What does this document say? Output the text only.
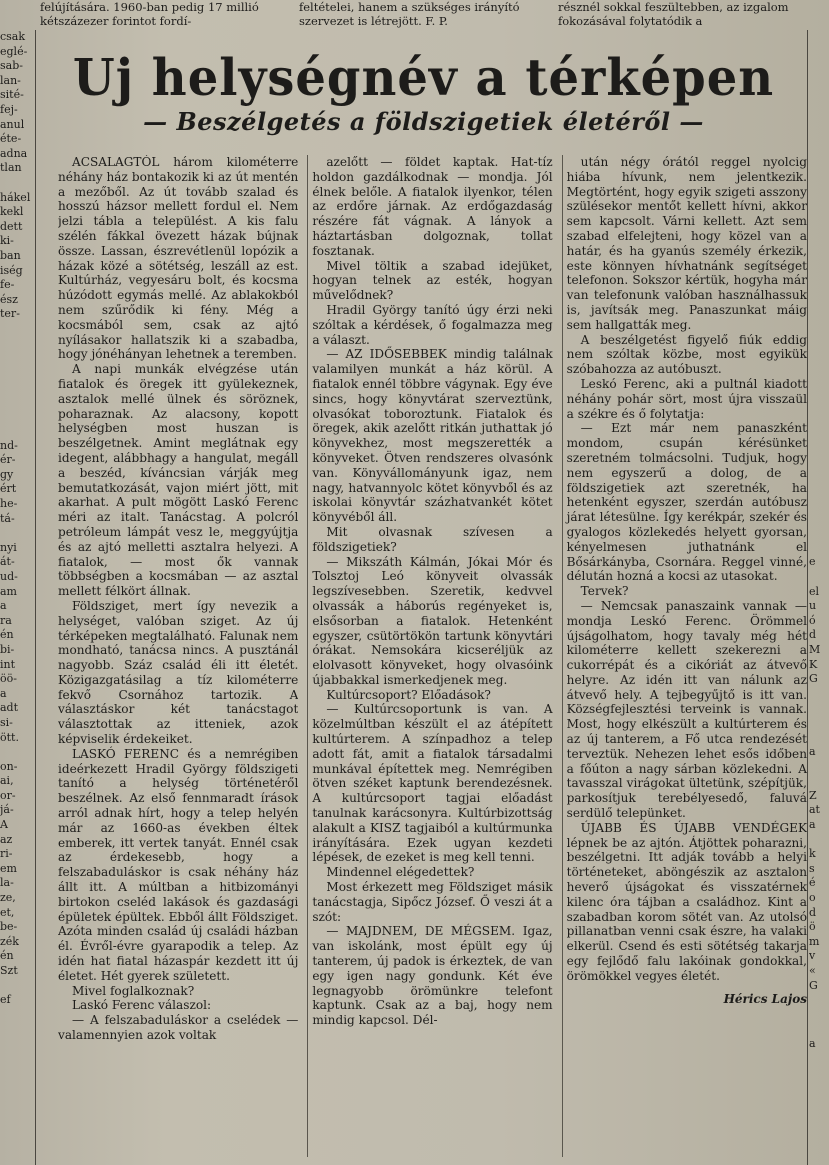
felújítására. 1960-ban pedig 17 millió kétszázezer forintot fordí-
feltételei, hanem a szükséges irányító szervezet is létrejött. F. P.
résznél sokkal feszültebben, az izgalom fokozásával folytatódik a
csak
eglé-
sab-
lan-
sité-
fej-
anul
éte-
adna
tlan

hákel
kekl
dett
ki-
ban
iség
fe-
ész
ter-

nd-
ér-
gy
ért
he-
tá-

nyi
át-
ud-
am
a
ra
én
bi-
int
öö-
a
adt
si-
ött.

on-
ai,
or-
já-
A
az
ri-
em
la-
ze,
et,
be-
zék
én
Szt

ef

e

el
u
ó
d
M
K
G

a

Z
at
a

k
s
é
o
d
ö
m
v
«
G

a
Uj helységnév a térképen
— Beszélgetés a földszigetiek életéről —

ACSALAGTÓL három kilométerre néhány ház bontakozik ki az út mentén a mezőből. Az út tovább szalad és hosszú házsor mellett fordul el. Nem jelzi tábla a települést. A kis falu szélén fákkal övezett házak bújnak össze. Lassan, észrevétlenül lopózik a házak közé a sötétség, leszáll az est. Kultúrház, vegyesáru bolt, és kocsma húzódott egymás mellé. Az ablakokból nem szűrődik ki fény. Még a kocsmából sem, csak az ajtó nyílásakor hallatszik ki a szabadba, hogy jónéhányan lehetnek a teremben.

A napi munkák elvégzése után fiatalok és öregek itt gyülekeznek, asztalok mellé ülnek és söröznek, poharaznak. Az alacsony, kopott helységben most huszan is beszélgetnek. Amint meglátnak egy idegent, alábbhagy a hangulat, megáll a beszéd, kíváncsian várják meg bemutatkozását, vajon miért jött, mit akarhat. A pult mögött Laskó Ferenc méri az italt. Tanácstag. A polcról petróleum lámpát vesz le, meggyújtja és az ajtó melletti asztalra helyezi. A fiatalok, — most ők vannak többségben a kocsmában — az asztal mellett félkört állnak.

Földsziget, mert így nevezik a helységet, valóban sziget. Az új térképeken megtalálható. Falunak nem mondható, tanácsa nincs. A pusztánál nagyobb. Száz család éli itt életét. Közigazgatásilag a tíz kilométerre fekvő Csornához tartozik. A választáskor két tanácstagot választottak az itteniek, azok képviselik érdekeiket.

LASKÓ FERENC és a nemrégiben ideérkezett Hradil György földszigeti tanító a helység történetéről beszélnek. Az első fennmaradt írások arról adnak hírt, hogy a telep helyén már az 1660-as években éltek emberek, itt vertek tanyát. Ennél csak az érdekesebb, hogy a felszabaduláskor is csak néhány ház állt itt. A múltban a hitbizományi birtokon cseléd lakások és gazdasági épületek épültek. Ebből állt Földsziget. Azóta minden család új családi házban él. Évről-évre gyarapodik a telep. Az idén hat fiatal házaspár kezdett itt új életet. Hét gyerek született.

Mivel foglalkoznak?

Laskó Ferenc válaszol:

— A felszabaduláskor a cselédek — valamennyien azok voltak

azelőtt — földet kaptak. Hat-tíz holdon gazdálkodnak — mondja. Jól élnek belőle. A fiatalok ilyenkor, télen az erdőre járnak. Az erdőgazdaság részére fát vágnak. A lányok a háztartásban dolgoznak, tollat fosztanak.

Mivel töltik a szabad idejüket, hogyan telnek az esték, hogyan művelődnek?

Hradil György tanító úgy érzi neki szóltak a kérdések, ő fogalmazza meg a választ.

— AZ IDŐSEBBEK mindig találnak valamilyen munkát a ház körül. A fiatalok ennél többre vágynak. Egy éve sincs, hogy könyvtárat szerveztünk, olvasókat toboroztunk. Fiatalok és öregek, akik azelőtt ritkán juthattak jó könyvekhez, most megszerették a könyveket. Ötven rendszeres olvasónk van. Könyvállományunk igaz, nem nagy, hatvannyolc kötet könyvből és az iskolai könyvtár százhatvankét kötet könyvéből áll.

Mit olvasnak szívesen a földszigetiek?

— Mikszáth Kálmán, Jókai Mór és Tolsztoj Leó könyveit olvassák legszívesebben. Szeretik, kedvvel olvassák a háborús regényeket is, elsősorban a fiatalok. Hetenként egyszer, csütörtökön tartunk könyvtári órákat. Nemsokára kicseréljük az elolvasott könyveket, hogy olvasóink újabbakkal ismerkedjenek meg.

Kultúrcsoport? Előadások?

— Kultúrcsoportunk is van. A közelmúltban készült el az átépített kultúrterem. A színpadhoz a telep adott fát, amit a fiatalok társadalmi munkával építettek meg. Nemrégiben ötven széket kaptunk berendezésnek. A kultúrcsoport tagjai előadást tanulnak karácsonyra. Kultúrbizottság alakult a KISZ tagjaiból a kultúrmunka irányítására. Ezek ugyan kezdeti lépések, de ezeket is meg kell tenni.

Mindennel elégedettek?

Most érkezett meg Földsziget másik tanácstagja, Sipőcz József. Ő veszi át a szót:

— MAJDNEM, DE MÉGSEM. Igaz, van iskolánk, most épült egy új tanterem, új padok is érkeztek, de van egy igen nagy gondunk. Két éve legnagyobb örömünkre telefont kaptunk. Csak az a baj, hogy nem mindig kapcsol. Dél-

után négy órától reggel nyolcig hiába hívunk, nem jelentkezik. Megtörtént, hogy egyik szigeti asszony szülésekor mentőt kellett hívni, akkor sem kapcsolt. Várni kellett. Azt sem szabad elfelejteni, hogy közel van a határ, és ha gyanús személy érkezik, este könnyen hívhatnánk segítséget telefonon. Sokszor kértük, hogyha már van telefonunk valóban használhassuk is, javítsák meg. Panaszunkat máig sem hallgatták meg.

A beszélgetést figyelő fiúk eddig nem szóltak közbe, most egyikük szóbahozza az autóbuszt.

Leskó Ferenc, aki a pultnál kiadott néhány pohár sört, most újra visszaül a székre és ő folytatja:

— Ezt már nem panaszként mondom, csupán kérésünket szeretném tolmácsolni. Tudjuk, hogy nem egyszerű a dolog, de a földszigetiek azt szeretnék, ha hetenként egyszer, szerdán autóbusz járat létesülne. Így kerékpár, szekér és gyalogos közlekedés helyett gyorsan, kényelmesen juthatnánk el Bősárkányba, Csornára. Reggel vinné, délután hozná a kocsi az utasokat.

Tervek?

— Nemcsak panaszaink vannak — mondja Leskó Ferenc. Örömmel újságolhatom, hogy tavaly még hét kilométerre kellett szekerezni a cukorrépát és a cikóriát az átvevő helyre. Az idén itt van nálunk az átvevő hely. A tejbegyűjtő is itt van. Községfejlesztési terveink is vannak. Most, hogy elkészült a kultúrterem és az új tanterem, a Fő utca rendezését terveztük. Nehezen lehet esős időben a főúton a nagy sárban közlekedni. A tavasszal virágokat ültetünk, szépítjük, parkosítjuk terebélyesedő, faluvá serdülő telepünket.

ÚJABB ÉS ÚJABB VENDÉGEK lépnek be az ajtón. Átjöttek poharazni, beszélgetni. Itt adják tovább a helyi történeteket, aböngészik az asztalon heverő újságokat és visszatérnek kilenc óra tájban a családhoz. Kint a szabadban korom sötét van. Az utolsó pillanatban venni csak észre, ha valaki elkerül. Csend és esti sötétség takarja egy fejlődő falu lakóinak gondokkal, örömökkel vegyes életét.

Hérics Lajos
